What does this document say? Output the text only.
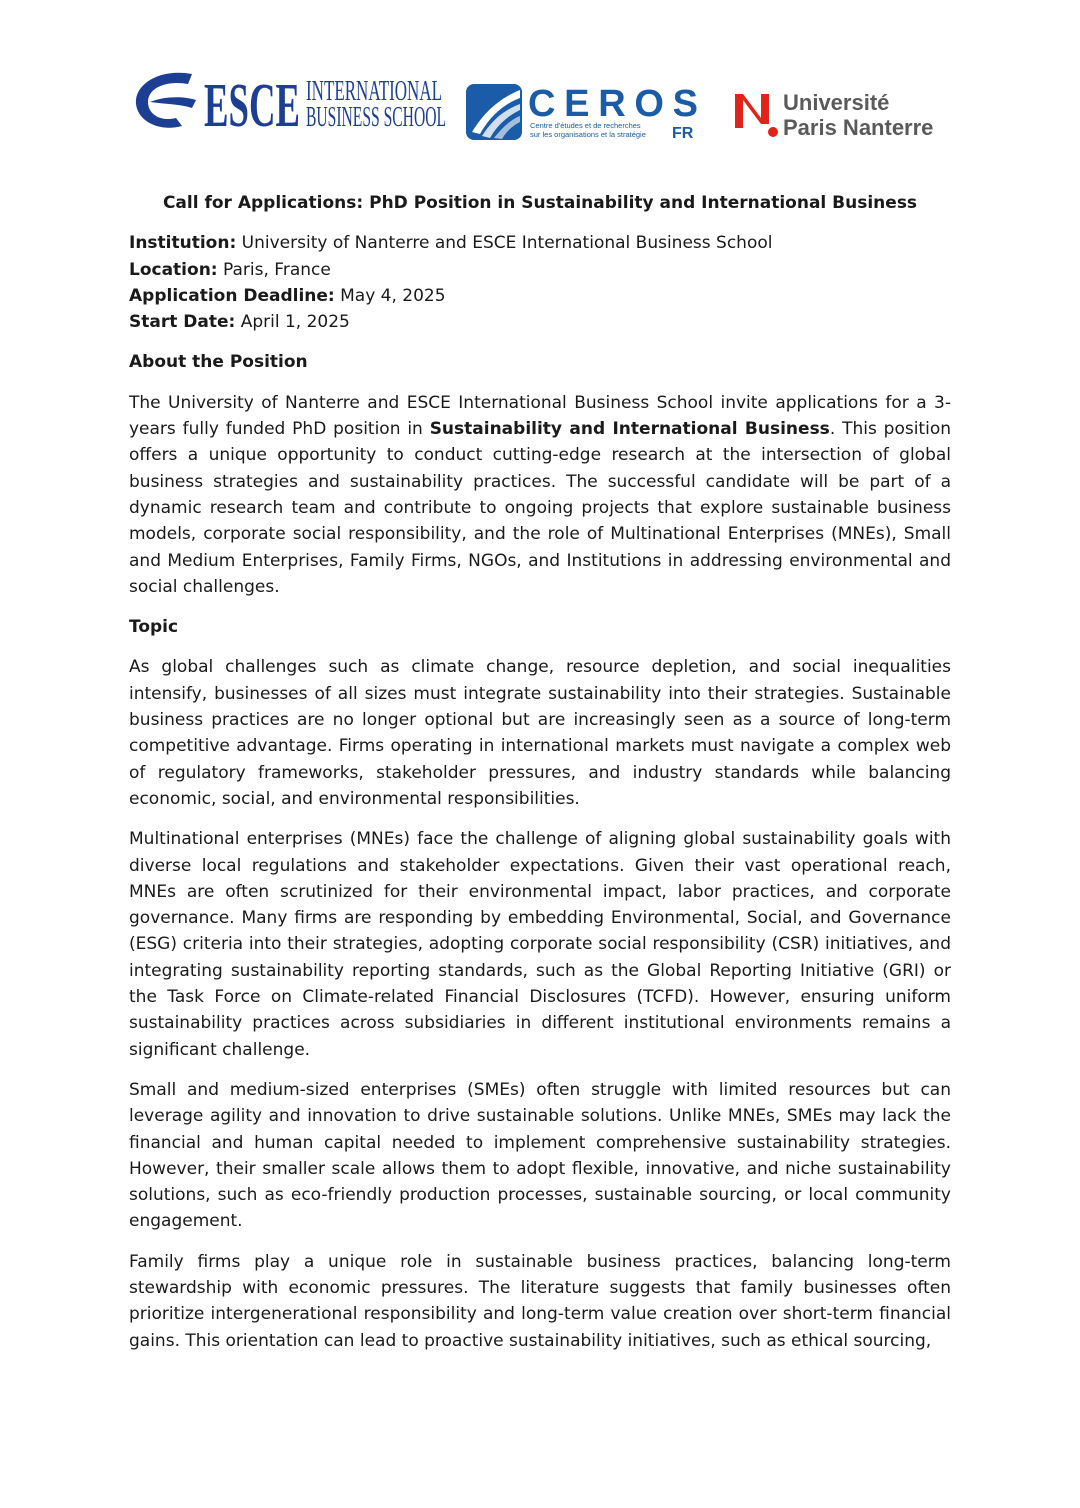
ESCE INTERNATIONAL
BUSINESS SCHOOL CEROS
Centre d'études et de recherches
sur les organisations et la stratégie FR
Université
Paris Nanterre
Call for Applications: PhD Position in Sustainability and International Business
Institution: University of Nanterre and ESCE International Business School
Location: Paris, France
Application Deadline: May 4, 2025
Start Date: April 1, 2025
About the Position

The University of Nanterre and ESCE International Business School invite applications for a 3-years fully funded PhD position in Sustainability and International Business. This position offers a unique opportunity to conduct cutting-edge research at the intersection of global business strategies and sustainability practices. The successful candidate will be part of a dynamic research team and contribute to ongoing projects that explore sustainable business models, corporate social responsibility, and the role of Multinational Enterprises (MNEs), Small and Medium Enterprises, Family Firms, NGOs, and Institutions in addressing environmental and social challenges.

Topic

As global challenges such as climate change, resource depletion, and social inequalities intensify, businesses of all sizes must integrate sustainability into their strategies. Sustainable business practices are no longer optional but are increasingly seen as a source of long-term competitive advantage. Firms operating in international markets must navigate a complex web of regulatory frameworks, stakeholder pressures, and industry standards while balancing economic, social, and environmental responsibilities.

Multinational enterprises (MNEs) face the challenge of aligning global sustainability goals with diverse local regulations and stakeholder expectations. Given their vast operational reach, MNEs are often scrutinized for their environmental impact, labor practices, and corporate governance. Many firms are responding by embedding Environmental, Social, and Governance (ESG) criteria into their strategies, adopting corporate social responsibility (CSR) initiatives, and integrating sustainability reporting standards, such as the Global Reporting Initiative (GRI) or the Task Force on Climate-related Financial Disclosures (TCFD). However, ensuring uniform sustainability practices across subsidiaries in different institutional environments remains a significant challenge.

Small and medium-sized enterprises (SMEs) often struggle with limited resources but can leverage agility and innovation to drive sustainable solutions. Unlike MNEs, SMEs may lack the financial and human capital needed to implement comprehensive sustainability strategies. However, their smaller scale allows them to adopt flexible, innovative, and niche sustainability solutions, such as eco-friendly production processes, sustainable sourcing, or local community engagement.

Family firms play a unique role in sustainable business practices, balancing long-term stewardship with economic pressures. The literature suggests that family businesses often prioritize intergenerational responsibility and long-term value creation over short-term financial gains. This orientation can lead to proactive sustainability initiatives, such as ethical sourcing,
